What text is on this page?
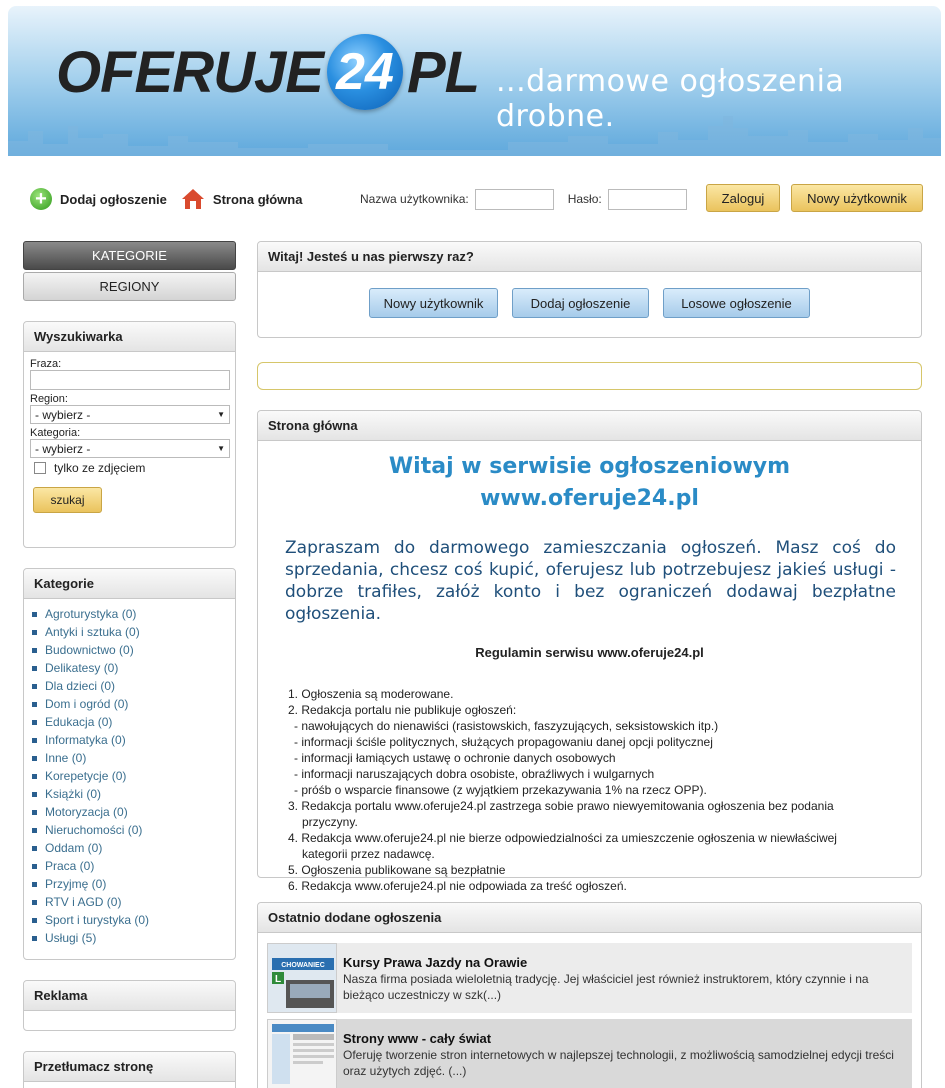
OFERUJE 24 PL ...darmowe ogłoszenia drobne.
+	Dodaj ogłoszenie	Strona główna	Nazwa użytkownika:	Hasło:	Zaloguj	Nowy użytkownik
KATEGORIE
REGIONY
Wyszukiwarka
Fraza:
Region:
- wybierz -	▼
Kategoria:
- wybierz -	▼
tylko ze zdjęciem
szukaj
Kategorie
Agroturystyka (0)
Antyki i sztuka (0)
Budownictwo (0)
Delikatesy (0)
Dla dzieci (0)
Dom i ogród (0)
Edukacja (0)
Informatyka (0)
Inne (0)
Korepetycje (0)
Książki (0)
Motoryzacja (0)
Nieruchomości (0)
Oddam (0)
Praca (0)
Przyjmę (0)
RTV i AGD (0)
Sport i turystyka (0)
Usługi (5)
Reklama
Przetłumacz stronę
Witaj! Jesteś u nas pierwszy raz?
Nowy użytkownik	Dodaj ogłoszenie	Losowe ogłoszenie
Strona główna
Witaj w serwisie ogłoszeniowym
www.oferuje24.pl
Zapraszam do darmowego zamieszczania ogłoszeń. Masz coś do sprzedania, chcesz coś kupić, oferujesz lub potrzebujesz jakieś usługi - dobrze trafiłes, załóż konto i bez ograniczeń dodawaj bezpłatne ogłoszenia.
Regulamin serwisu www.oferuje24.pl
1. Ogłoszenia są moderowane.
2. Redakcja portalu nie publikuje ogłoszeń:
- nawołujących do nienawiści (rasistowskich, faszyzujących, seksistowskich itp.)
- informacji ściśle politycznych, służących propagowaniu danej opcji politycznej
- informacji łamiących ustawę o ochronie danych osobowych
- informacji naruszających dobra osobiste, obraźliwych i wulgarnych
- próśb o wsparcie finansowe (z wyjątkiem przekazywania 1% na rzecz OPP).
3. Redakcja portalu www.oferuje24.pl zastrzega sobie prawo niewyemitowania ogłoszenia bez podania
przyczyny.
4. Redakcja www.oferuje24.pl nie bierze odpowiedzialności za umieszczenie ogłoszenia w niewłaściwej
kategorii przez nadawcę.
5. Ogłoszenia publikowane są bezpłatnie
6. Redakcja www.oferuje24.pl nie odpowiada za treść ogłoszeń.
Ostatnio dodane ogłoszenia
CHOWANIEC
L
Kursy Prawa Jazdy na Orawie
Nasza firma posiada wieloletnią tradycję. Jej właściciel jest również instruktorem, który czynnie i na bieżąco uczestniczy w szk(...)
Strony www - cały świat
Oferuję tworzenie stron internetowych w najlepszej technologii, z możliwością samodzielnej edycji treści oraz użytych zdjęć. (...)
